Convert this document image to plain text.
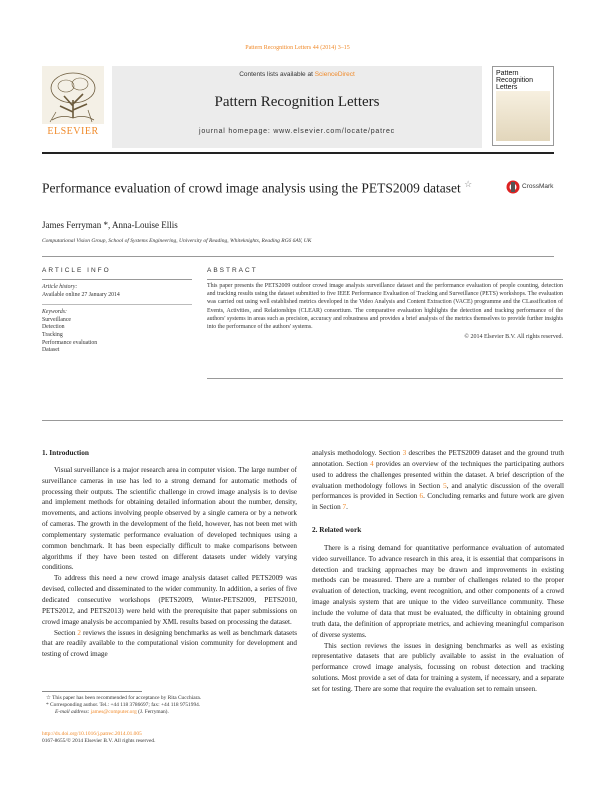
Pattern Recognition Letters 44 (2014) 3–15
ELSEVIER
Contents lists available at ScienceDirect
Pattern Recognition Letters
journal homepage: www.elsevier.com/locate/patrec
Pattern Recognition Letters
Performance evaluation of crowd image analysis using the PETS2009 dataset ☆	CrossMark
James Ferryman *, Anna-Louise Ellis
Computational Vision Group, School of Systems Engineering, University of Reading, Whiteknights, Reading RG6 6AY, UK
ARTICLE INFO
Article history:
Available online 27 January 2014
Keywords:
Surveillance
Detection
Tracking
Performance evaluation
Dataset
ABSTRACT
This paper presents the PETS2009 outdoor crowd image analysis surveillance dataset and the performance evaluation of people counting, detection and tracking results using the dataset submitted to five IEEE Performance Evaluation of Tracking and Surveillance (PETS) workshops. The evaluation was carried out using well established metrics developed in the Video Analysis and Content Extraction (VACE) programme and the CLassification of Events, Activities, and Relationships (CLEAR) consortium. The comparative evaluation highlights the detection and tracking performance of the authors' systems in areas such as precision, accuracy and robustness and provides a brief analysis of the metrics themselves to provide further insights into the performance of the authors' systems.
© 2014 Elsevier B.V. All rights reserved.
1. Introduction

Visual surveillance is a major research area in computer vision. The large number of surveillance cameras in use has led to a strong demand for automatic methods of processing their outputs. The scientific challenge in crowd image analysis is to devise and implement methods for obtaining detailed information about the number, density, movements, and actions involving people observed by a single camera or by a network of cameras. The growth in the development of the field, however, has not been met with complementary systematic performance evaluation of developed techniques using a common benchmark. It has been especially difficult to make comparisons between algorithms if they have been tested on different datasets under widely varying conditions.

To address this need a new crowd image analysis dataset called PETS2009 was devised, collected and disseminated to the wider community. In addition, a series of five dedicated consecutive workshops (PETS2009, Winter-PETS2009, PETS2010, PETS2012, and PETS2013) were held with the prerequisite that paper submissions on crowd image analysis be accompanied by XML results based on processing the dataset.

Section 2 reviews the issues in designing benchmarks as well as benchmark datasets that are readily available to the computational vision community for development and testing of crowd image

☆ This paper has been recommended for acceptance by Rita Cucchiara.
* Corresponding author. Tel.: +44 118 3786697; fax: +44 118 9751994.
E-mail address: james@computer.org (J. Ferryman).
http://dx.doi.org/10.1016/j.patrec.2014.01.005
0167-8655/© 2014 Elsevier B.V. All rights reserved.

analysis methodology. Section 3 describes the PETS2009 dataset and the ground truth annotation. Section 4 provides an overview of the techniques the participating authors used to address the challenges presented within the dataset. A brief description of the evaluation methodology follows in Section 5, and analytic discussion of the overall performances is provided in Section 6. Concluding remarks and future work are given in Section 7.

2. Related work

There is a rising demand for quantitative performance evaluation of automated video surveillance. To advance research in this area, it is essential that comparisons in detection and tracking approaches may be drawn and improvements in existing methods can be measured. There are a number of challenges related to the proper evaluation of detection, tracking, event recognition, and other components of a crowd image analysis system that are unique to the video surveillance community. These include the volume of data that must be evaluated, the difficulty in obtaining ground truth data, the definition of appropriate metrics, and achieving meaningful comparison of diverse systems.

This section reviews the issues in designing benchmarks as well as existing representative datasets that are publicly available to assist in the evaluation of performance crowd image analysis, focussing on robust detection and tracking solutions. Most provide a set of data for training a system, if necessary, and a separate set for testing. There are some that require the evaluation set to remain unseen.
